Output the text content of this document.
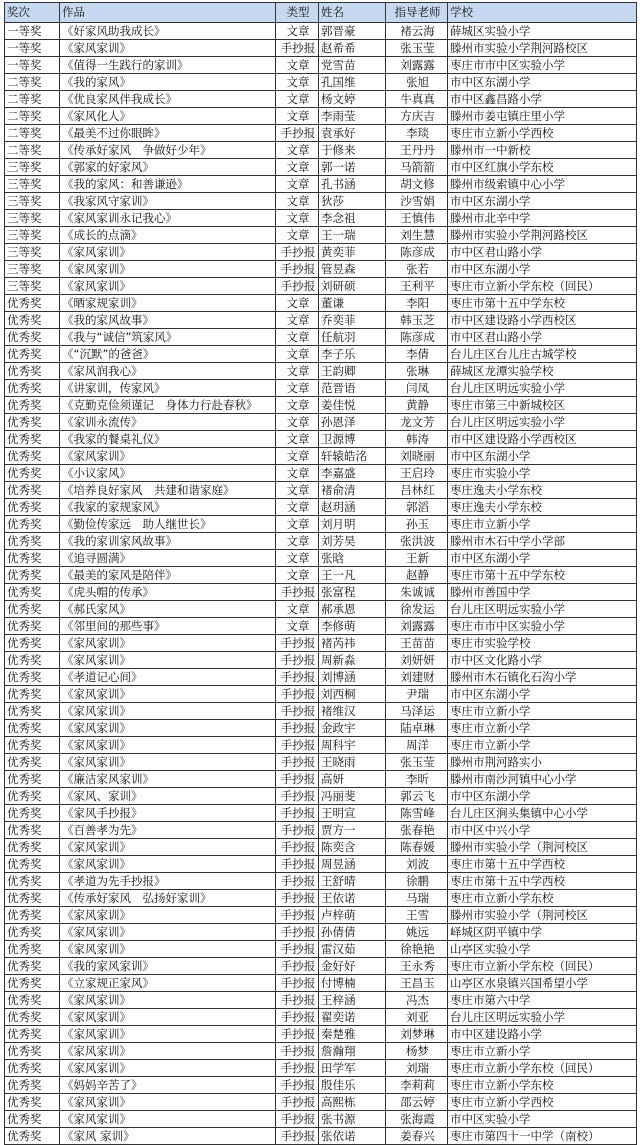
奖次	作品	类型	姓名	指导老师	学校
一等奖	《好家风助我成长》	文章	郭晋豪	褚云海	薛城区实验小学
一等奖	《家风家训》	手抄报	赵希希	张玉莹	滕州市实验小学荆河路校区
一等奖	《值得一生践行的家训》	文章	党雪苗	刘露露	枣庄市市中区实验小学
二等奖	《我的家风》	文章	孔国维	张旭	市中区东湖小学
二等奖	《优良家风伴我成长》	文章	杨文婷	牛真真	市中区鑫昌路小学
二等奖	《家风化人》	文章	李雨莹	方庆吉	滕州市姜屯镇庄里小学
二等奖	《最美不过你眼眸》	手抄报	袁承好	李琰	枣庄市立新小学西校
二等奖	《传承好家风　争做好少年》	文章	于修来	王丹丹	滕州市一中新校
三等奖	《郭家的好家风》	文章	郭一诺	马箭箭	市中区红旗小学东校
三等奖	《我的家风：和善谦逊》	文章	孔书涵	胡文修	滕州市级索镇中心小学
三等奖	《我家风守家训》	文章	狄莎	沙雪娟	市中区东湖小学
三等奖	《家风家训永记我心》	文章	李念祖	王慎伟	滕州市北辛中学
三等奖	《成长的点滴》	文章	王一瑞	刘生慧	滕州市实验小学荆河路校区
三等奖	《家风家训》	手抄报	黄奕菲	陈彦成	市中区君山路小学
三等奖	《家风家训》	手抄报	管昱森	张若	市中区东湖小学
三等奖	《家风家训》	手抄报	刘研硕	王利平	枣庄市立新小学东校（回民）
优秀奖	《晒家规家训》	文章	董谦	李阳	枣庄市第十五中学东校
优秀奖	《我的家风故事》	文章	乔奕菲	韩玉芝	市中区建设路小学西校区
优秀奖	《我与“诚信”筑家风》	文章	任航羽	陈彦成	市中区君山路小学
优秀奖	《“沉默”的爸爸》	文章	李子乐	李倩	台儿庄区台儿庄古城学校
优秀奖	《家风润我心》	文章	王韵卿	张琳	薛城区龙潭实验学校
优秀奖	《讲家训，传家风》	文章	范晋语	闫凤	台儿庄区明远实验小学
优秀奖	《克勤克俭须谨记　身体力行赴春秋》	文章	姜佳悦	黄静	枣庄市第三中新城校区
优秀奖	《家训永流传》	文章	孙恩泽	龙文芳	台儿庄区明远实验小学
优秀奖	《我家的餐桌礼仪》	文章	卫源博	韩涛	市中区建设路小学西校区
优秀奖	《家风家训》	文章	轩辕皓洺	刘晓丽	市中区东湖小学
优秀奖	《小议家风》	文章	李嘉盛	王启玲	枣庄市实验小学
优秀奖	《培养良好家风　共建和谐家庭》	文章	褚俞清	吕林红	枣庄逸夫小学东校
优秀奖	《我家的家规家风》	文章	赵玥涵	郭滔	枣庄逸夫小学东校
优秀奖	《勤俭传家远　助人继世长》	文章	刘月明	孙玉	枣庄市立新小学
优秀奖	《我的家训家风故事》	文章	刘芳昊	张洪波	滕州市木石中学小学部
优秀奖	《追寻圆满》	文章	张晗	王新	市中区东湖小学
优秀奖	《最美的家风是陪伴》	文章	王一凡	赵静	枣庄市第十五中学东校
优秀奖	《虎头帽的传承》	手抄报	张富程	朱诚诚	滕州市善国中学
优秀奖	《郝氏家风》	文章	郝承恩	徐发运	台儿庄区明远实验小学
优秀奖	《邻里间的那些事》	文章	李修萌	刘露露	枣庄市市中区实验小学
优秀奖	《家风家训》	手抄报	褚芮祎	王苗苗	枣庄市实验学校
优秀奖	《家风家训》	手抄报	周新淼	刘妍妍	市中区文化路小学
优秀奖	《孝道记心间》	手抄报	刘博涵	刘建财	滕州市木石镇化石沟小学
优秀奖	《家风家训》	手抄报	刘西桐	尹瑞	市中区东湖小学
优秀奖	《家风家训》	手抄报	褚维汉	马泽运	枣庄市立新小学
优秀奖	《家风家训》	手抄报	金政宇	陆卓琳	枣庄市立新小学
优秀奖	《家风家训》	手抄报	周科宇	周洋	枣庄市立新小学
优秀奖	《家风家训》	手抄报	王晓雨	张玉莹	滕州市荆河路实小
优秀奖	《廉洁家风家训》	手抄报	高妍	李昕	滕州市南沙河镇中心小学
优秀奖	《家风、家训》	手抄报	冯丽斐	郭云飞	市中区东湖小学
优秀奖	《家风手抄报》	手抄报	王明宣	陈雪峰	台儿庄区涧头集镇中心小学
优秀奖	《百善孝为先》	手抄报	贾方一	张春艳	市中区中兴小学
优秀奖	《家风家训》	手抄报	陈奕含	陈春媛	滕州市实验小学（荆河校区
优秀奖	《家风家训》	手抄报	周昱涵	刘波	枣庄市第十五中学西校
优秀奖	《孝道为先手抄报》	手抄报	王舒晴	徐鹏	枣庄市第十五中学西校
优秀奖	《传承好家风　弘扬好家训》	手抄报	王依诺	马瑞	枣庄市立新小学东校
优秀奖	《家风家训》	手抄报	卢梓萌	王雪	滕州市实验小学（荆河校区
优秀奖	《家风家训》	手抄报	孙倩倩	姚远	峄城区阴平镇中学
优秀奖	《家风家训》	手抄报	雷汉茹	徐艳艳	山亭区实验小学
优秀奖	《我的家风家训》	手抄报	金好好	王永秀	枣庄市立新小学东校（回民）
优秀奖	《立家规正家风》	手抄报	付博楠	王昌玉	山亭区水泉镇兴国希望小学
优秀奖	《家风家训》	手抄报	王梓涵	冯杰	枣庄市第六中学
优秀奖	《家风家训》	手抄报	翟奕诺	刘亚	台儿庄区明远实验小学
优秀奖	《家风家训》	手抄报	秦楚雅	刘梦琳	市中区建设路小学
优秀奖	《家风家训》	手抄报	詹瀚翔	杨梦	枣庄市立新小学
优秀奖	《家风家训》	手抄报	田学军	刘瑞	枣庄市立新小学东校（回民）
优秀奖	《妈妈辛苦了》	手抄报	殷佳乐	李莉莉	枣庄市立新小学东校
优秀奖	《家风家训》	手抄报	高熙栋	邵云婷	枣庄市立新小学西校
优秀奖	《家风家训》	手抄报	张书源	张海霞	市中区实验小学
优秀奖	《家风 家训》	手抄报	张依诺	姜春兴	枣庄市第四十一中学（南校）
